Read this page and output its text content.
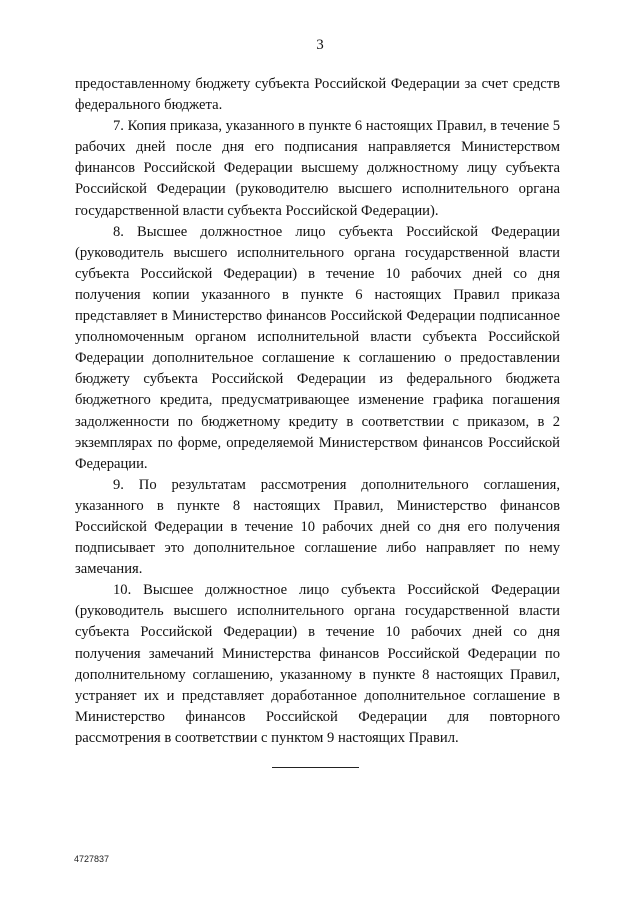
3

предоставленному бюджету субъекта Российской Федерации за счет средств федерального бюджета.

7. Копия приказа, указанного в пункте 6 настоящих Правил, в течение 5 рабочих дней после дня его подписания направляется Министерством финансов Российской Федерации высшему должностному лицу субъекта Российской Федерации (руководителю высшего исполнительного органа государственной власти субъекта Российской Федерации).

8. Высшее должностное лицо субъекта Российской Федерации (руководитель высшего исполнительного органа государственной власти субъекта Российской Федерации) в течение 10 рабочих дней со дня получения копии указанного в пункте 6 настоящих Правил приказа представляет в Министерство финансов Российской Федерации подписанное уполномоченным органом исполнительной власти субъекта Российской Федерации дополнительное соглашение к соглашению о предоставлении бюджету субъекта Российской Федерации из федерального бюджета бюджетного кредита, предусматривающее изменение графика погашения задолженности по бюджетному кредиту в соответствии с приказом, в 2 экземплярах по форме, определяемой Министерством финансов Российской Федерации.

9. По результатам рассмотрения дополнительного соглашения, указанного в пункте 8 настоящих Правил, Министерство финансов Российской Федерации в течение 10 рабочих дней со дня его получения подписывает это дополнительное соглашение либо направляет по нему замечания.

10. Высшее должностное лицо субъекта Российской Федерации (руководитель высшего исполнительного органа государственной власти субъекта Российской Федерации) в течение 10 рабочих дней со дня получения замечаний Министерства финансов Российской Федерации по дополнительному соглашению, указанному в пункте 8 настоящих Правил, устраняет их и представляет доработанное дополнительное соглашение в Министерство финансов Российской Федерации для повторного рассмотрения в соответствии с пунктом 9 настоящих Правил.

4727837
